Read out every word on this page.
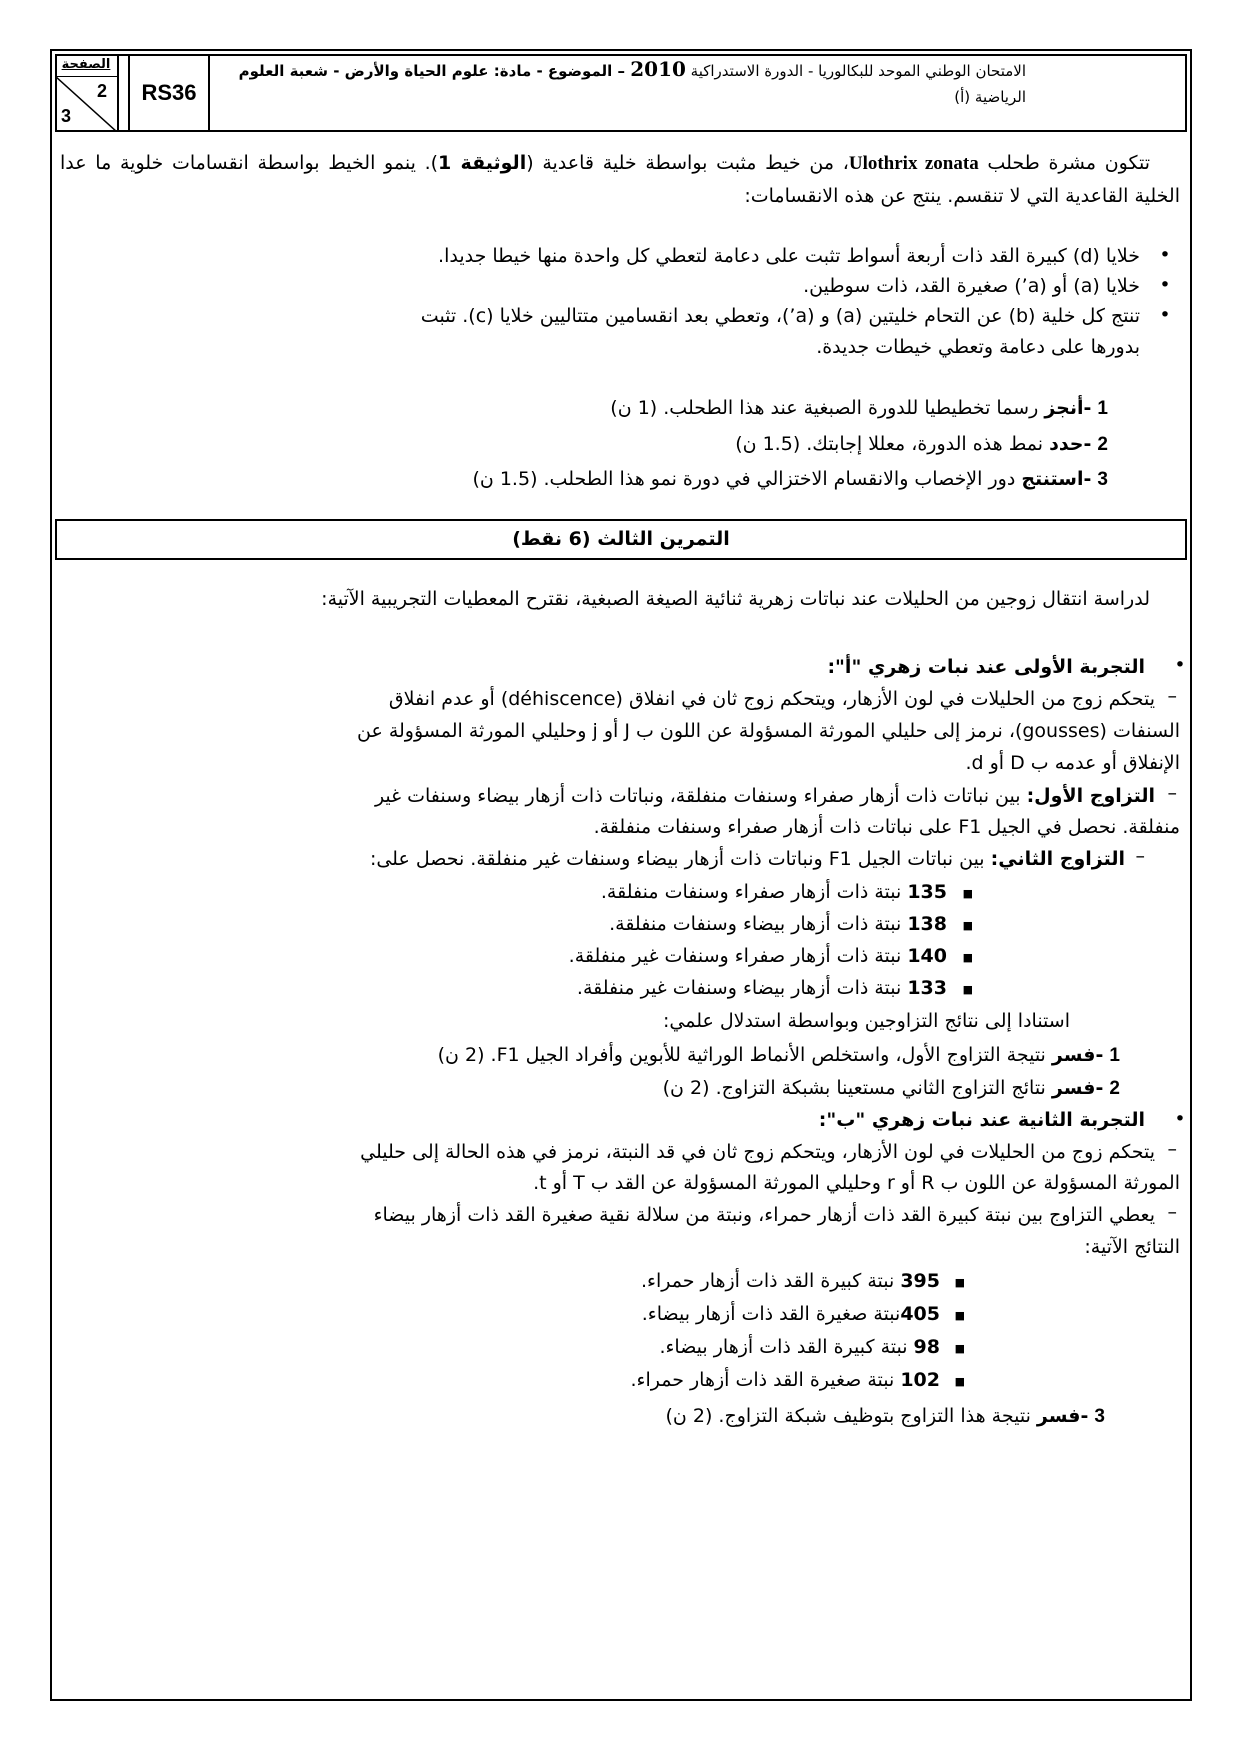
الامتحان الوطني الموحد للبكالوريا - الدورة الاستدراكية 2010 – الموضوع - مادة: علوم الحياة والأرض - شعبة العلوم
الرياضية (أ)
RS36
الصفحة
2
3
تتكون مشرة طحلب Ulothrix zonata، من خيط مثبت بواسطة خلية قاعدية (الوثيقة 1). ينمو الخيط بواسطة انقسامات خلوية ما عدا الخلية القاعدية التي لا تنقسم. ينتج عن هذه الانقسامات:
•
خلايا (d) كبيرة القد ذات أربعة أسواط تثبت على دعامة لتعطي كل واحدة منها خيطا جديدا.
•
خلايا (a) أو (a’) صغيرة القد، ذات سوطين.
•
تنتج كل خلية (b) عن التحام خليتين (a) و (a’)، وتعطي بعد انقسامين متتاليين خلايا (c). تثبت
بدورها على دعامة وتعطي خيطات جديدة.
1 -أنجز رسما تخطيطيا للدورة الصبغية عند هذا الطحلب. (1 ن)
2 -حدد نمط هذه الدورة، معللا إجابتك. (1.5 ن)
3 -استنتج دور الإخصاب والانقسام الاختزالي في دورة نمو هذا الطحلب. (1.5 ن)
التمرين الثالث (6 نقط)
لدراسة انتقال زوجين من الحليلات عند نباتات زهرية ثنائية الصيغة الصبغية، نقترح المعطيات التجريبية الآتية:
•
التجربة الأولى عند نبات زهري "أ":
–
يتحكم زوج من الحليلات في لون الأزهار، ويتحكم زوج ثان في انفلاق (déhiscence) أو عدم انفلاق
السنفات (gousses)، نرمز إلى حليلي المورثة المسؤولة عن اللون ب J أو j وحليلي المورثة المسؤولة عن
الإنفلاق أو عدمه ب D أو d.
–
التزاوج الأول: بين نباتات ذات أزهار صفراء وسنفات منفلقة، ونباتات ذات أزهار بيضاء وسنفات غير
منفلقة. نحصل في الجيل F1 على نباتات ذات أزهار صفراء وسنفات منفلقة.
–
التزاوج الثاني: بين نباتات الجيل F1 ونباتات ذات أزهار بيضاء وسنفات غير منفلقة. نحصل على:
■
135 نبتة ذات أزهار صفراء وسنفات منفلقة.
■
138 نبتة ذات أزهار بيضاء وسنفات منفلقة.
■
140 نبتة ذات أزهار صفراء وسنفات غير منفلقة.
■
133 نبتة ذات أزهار بيضاء وسنفات غير منفلقة.
استنادا إلى نتائج التزاوجين وبواسطة استدلال علمي:
1 -فسر نتيجة التزاوج الأول، واستخلص الأنماط الوراثية للأبوين وأفراد الجيل F1. (2 ن)
2 -فسر نتائج التزاوج الثاني مستعينا بشبكة التزاوج. (2 ن)
•
التجربة الثانية عند نبات زهري "ب":
–
يتحكم زوج من الحليلات في لون الأزهار، ويتحكم زوج ثان في قد النبتة، نرمز في هذه الحالة إلى حليلي
المورثة المسؤولة عن اللون ب R أو r وحليلي المورثة المسؤولة عن القد ب T أو t.
–
يعطي التزاوج بين نبتة كبيرة القد ذات أزهار حمراء، ونبتة من سلالة نقية صغيرة القد ذات أزهار بيضاء
النتائج الآتية:
■
395 نبتة كبيرة القد ذات أزهار حمراء.
■
405نبتة صغيرة القد ذات أزهار بيضاء.
■
98 نبتة كبيرة القد ذات أزهار بيضاء.
■
102 نبتة صغيرة القد ذات أزهار حمراء.
3 -فسر نتيجة هذا التزاوج بتوظيف شبكة التزاوج. (2 ن)
